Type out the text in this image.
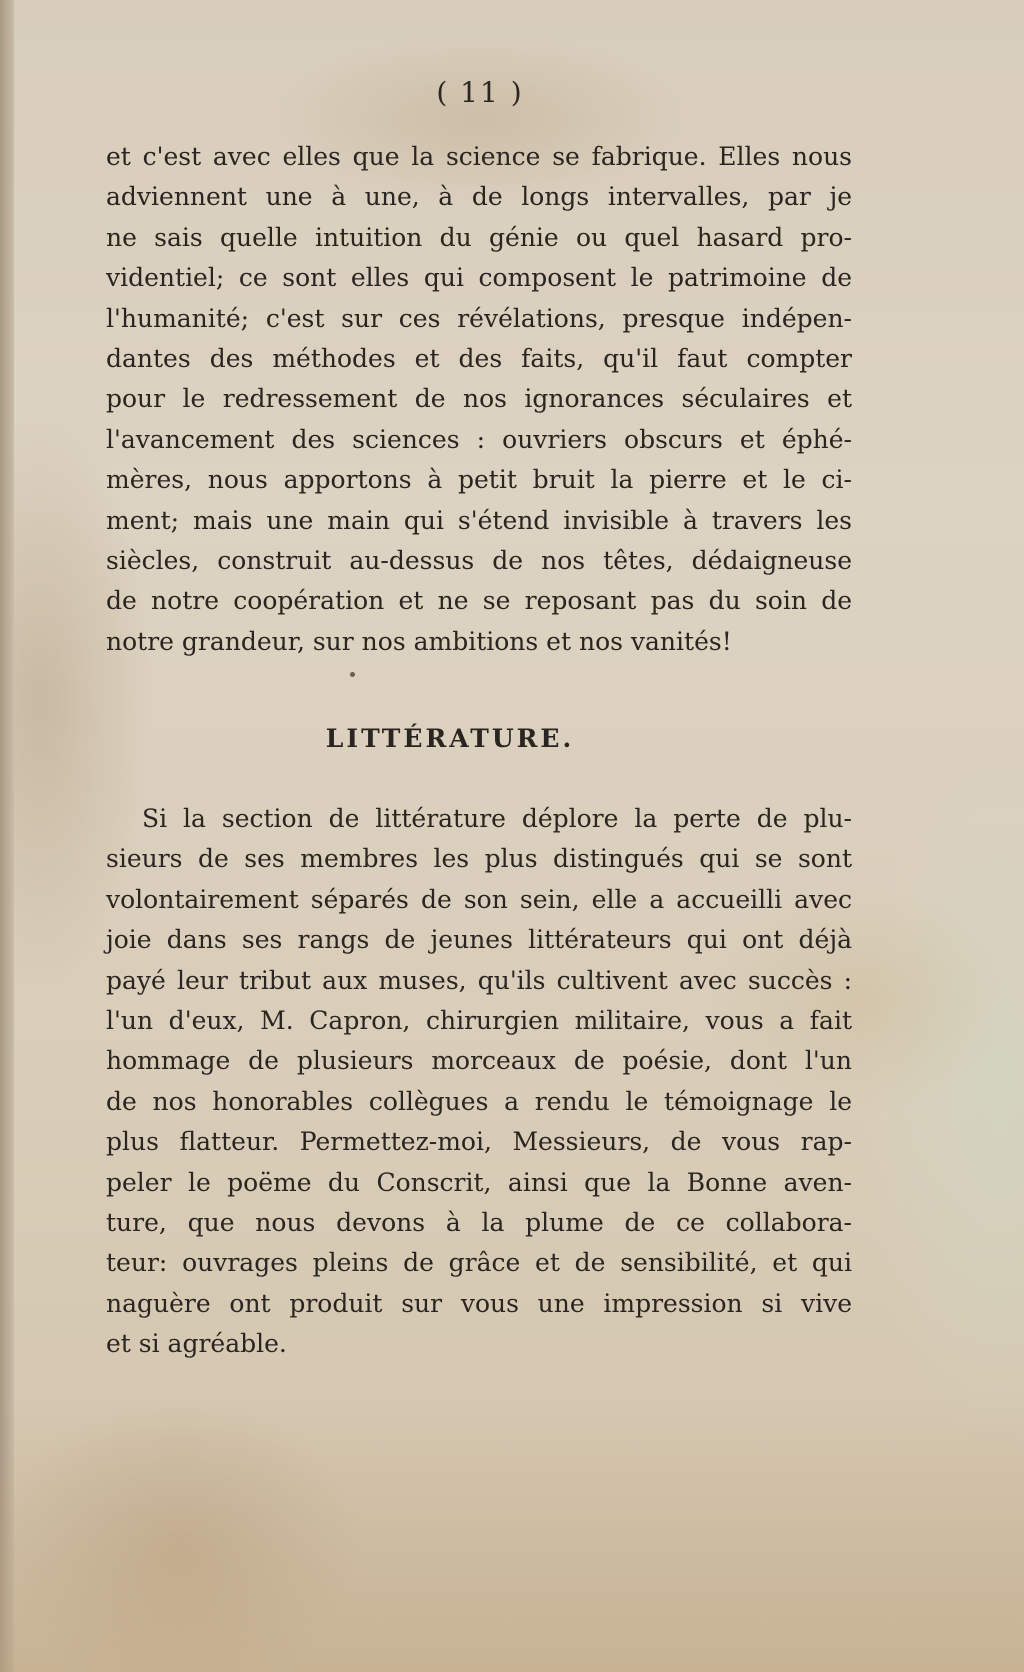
( 11 )
et c'est avec elles que la science se fabrique. Elles nous
adviennent une à une, à de longs intervalles, par je
ne sais quelle intuition du génie ou quel hasard pro-
videntiel; ce sont elles qui composent le patrimoine de
l'humanité; c'est sur ces révélations, presque indépen-
dantes des méthodes et des faits, qu'il faut compter
pour le redressement de nos ignorances séculaires et
l'avancement des sciences : ouvriers obscurs et éphé-
mères, nous apportons à petit bruit la pierre et le ci-
ment; mais une main qui s'étend invisible à travers les
siècles, construit au-dessus de nos têtes, dédaigneuse
de notre coopération et ne se reposant pas du soin de
notre grandeur, sur nos ambitions et nos vanités!
LITTÉRATURE.
Si la section de littérature déplore la perte de plu-
sieurs de ses membres les plus distingués qui se sont
volontairement séparés de son sein, elle a accueilli avec
joie dans ses rangs de jeunes littérateurs qui ont déjà
payé leur tribut aux muses, qu'ils cultivent avec succès :
l'un d'eux, M. Capron, chirurgien militaire, vous a fait
hommage de plusieurs morceaux de poésie, dont l'un
de nos honorables collègues a rendu le témoignage le
plus flatteur. Permettez-moi, Messieurs, de vous rap-
peler le poëme du Conscrit, ainsi que la Bonne aven-
ture, que nous devons à la plume de ce collabora-
teur: ouvrages pleins de grâce et de sensibilité, et qui
naguère ont produit sur vous une impression si vive
et si agréable.
